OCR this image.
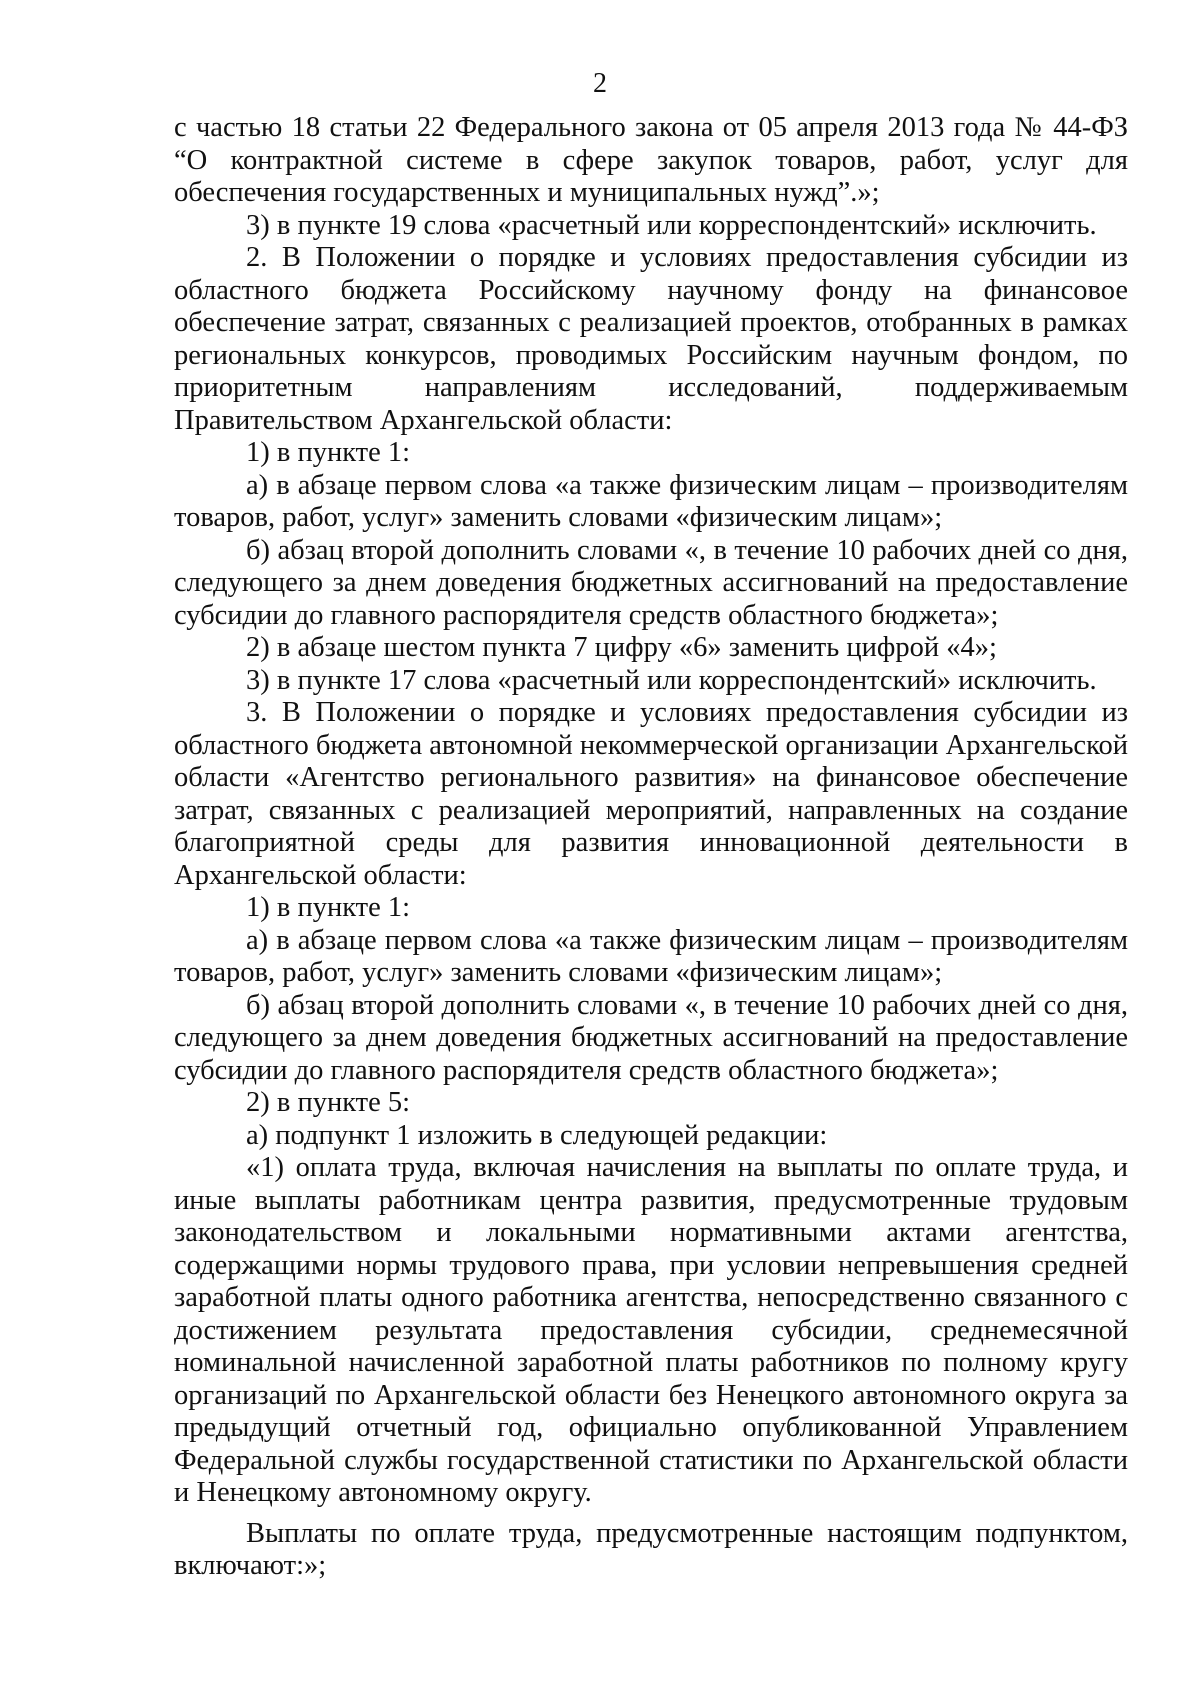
2

с частью 18 статьи 22 Федерального закона от 05 апреля 2013 года № 44-ФЗ “О контрактной системе в сфере закупок товаров, работ, услуг для обеспечения государственных и муниципальных нужд”.»;

3) в пункте 19 слова «расчетный или корреспондентский» исключить.

2. В Положении о порядке и условиях предоставления субсидии из областного бюджета Российскому научному фонду на финансовое обеспечение затрат, связанных с реализацией проектов, отобранных в рамках региональных конкурсов, проводимых Российским научным фондом, по приоритетным направлениям исследований, поддерживаемым Правительством Архангельской области:

1) в пункте 1:

а) в абзаце первом слова «а также физическим лицам – производителям товаров, работ, услуг» заменить словами «физическим лицам»;

б) абзац второй дополнить словами «, в течение 10 рабочих дней со дня, следующего за днем доведения бюджетных ассигнований на предоставление субсидии до главного распорядителя средств областного бюджета»;

2) в абзаце шестом пункта 7 цифру «6» заменить цифрой «4»;

3) в пункте 17 слова «расчетный или корреспондентский» исключить.

3. В Положении о порядке и условиях предоставления субсидии из областного бюджета автономной некоммерческой организации Архангельской области «Агентство регионального развития» на финансовое обеспечение затрат, связанных с реализацией мероприятий, направленных на создание благоприятной среды для развития инновационной деятельности в Архангельской области:

1) в пункте 1:

а) в абзаце первом слова «а также физическим лицам – производителям товаров, работ, услуг» заменить словами «физическим лицам»;

б) абзац второй дополнить словами «, в течение 10 рабочих дней со дня, следующего за днем доведения бюджетных ассигнований на предоставление субсидии до главного распорядителя средств областного бюджета»;

2) в пункте 5:

а) подпункт 1 изложить в следующей редакции:

«1) оплата труда, включая начисления на выплаты по оплате труда, и иные выплаты работникам центра развития, предусмотренные трудовым законодательством и локальными нормативными актами агентства, содержащими нормы трудового права, при условии непревышения средней заработной платы одного работника агентства, непосредственно связанного с достижением результата предоставления субсидии, среднемесячной номинальной начисленной заработной платы работников по полному кругу организаций по Архангельской области без Ненецкого автономного округа за предыдущий отчетный год, официально опубликованной Управлением Федеральной службы государственной статистики по Архангельской области и Ненецкому автономному округу.

Выплаты по оплате труда, предусмотренные настоящим подпунктом, включают:»;
